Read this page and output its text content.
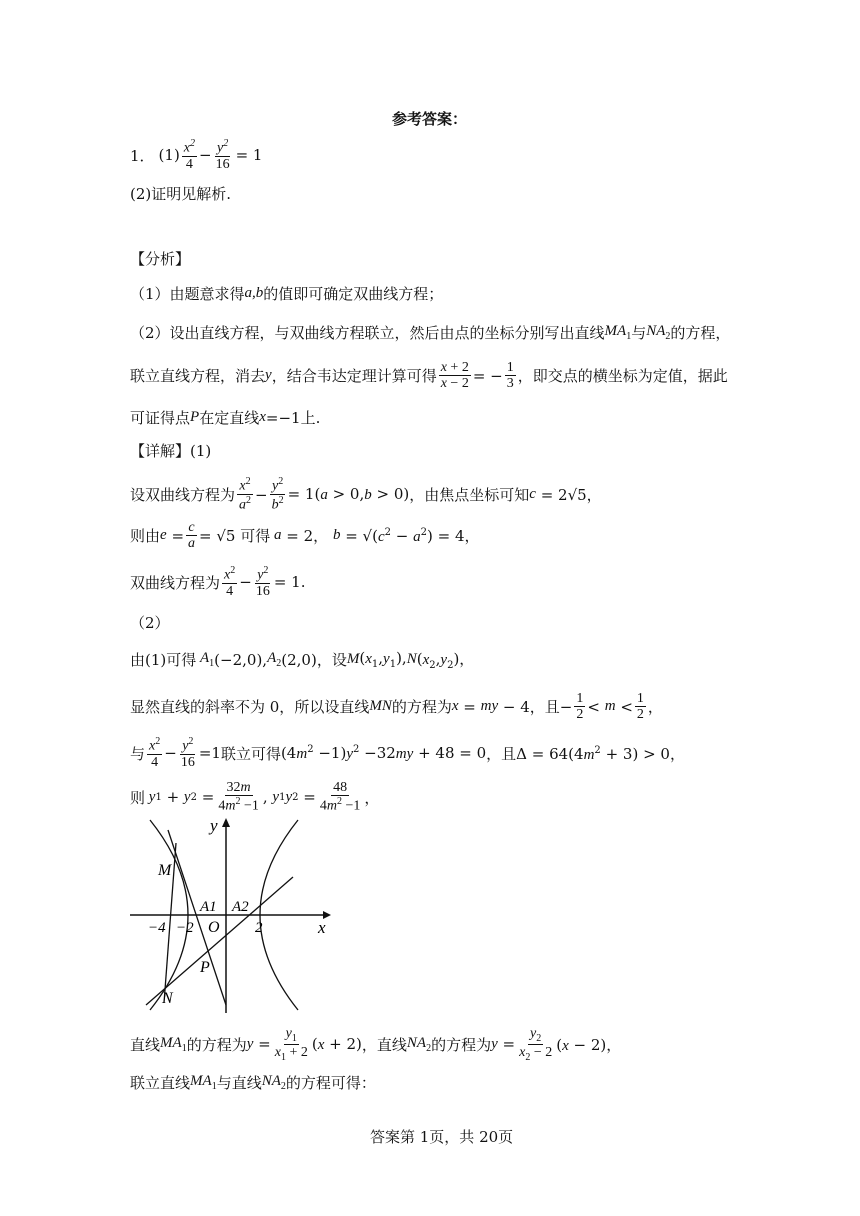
参考答案：
1． $(1) \frac{x^2}{4} - \frac{y^2}{16} = 1$
(2)证明见解析.
【分析】
（1）由题意求得 a,b 的值即可确定双曲线方程；
（2）设出直线方程，与双曲线方程联立，然后由点的坐标分别写出直线 $MA_1$ 与 $NA_2$ 的方程，
联立直线方程，消去 y ，结合韦达定理计算可得 $\frac{x + 2}{x - 2}$ = − $\frac{1}{3}$ ，即交点的横坐标为定值，据此
可证得点 P 在定直线 x =−1 上.
【详解】(1)
设双曲线方程为 $\frac{x^2}{a^2} - \frac{y^2}{b^2} = 1(a > 0,b > 0)$ ，由焦点坐标可知 c = 2√5，
则由 $e = \frac{c}{a} = √5$ 可得 a = 2， $b = √(c^2 - a^2) = 4$，
双曲线方程为 $\frac{x^2}{4} - \frac{y^2}{16} = 1$.
（2）
由(1)可得 $A_1$ (−2,0), $A_2$ (2,0) ，设 M $(x_1,y_1)$, N $(x_2,y_2)$，
显然直线的斜率不为 0，所以设直线 MN 的方程为 x = my − 4 ，且 − $\frac{1}{2} < m < \frac{1}{2}$ ，
与 $\frac{x^2}{4} - \frac{y^2}{16} =1$ 联立可得 $(4m^2 -1)y^2 -32my + 48 = 0$ ，且 $\Delta = 64(4m^2 + 3) > 0$，
则 y 1 + y $2 = \frac{32m}{4m^2 -1}$ , y 1 y $2 = \frac{48}{4m^2 -1}$ ，
y
x
M
A1 A2
O
P
N
−4 −2	2
直线 $MA_1$ 的方程为 $y = \frac{y_1}{x_1 + 2} (x + 2)$ ，直线 $NA_2$ 的方程为 $y = \frac{y_2}{x_2 - 2} (x - 2)$，
联立直线 $MA_1$ 与直线 $NA_2$ 的方程可得：
答案第 1页，共 20页
